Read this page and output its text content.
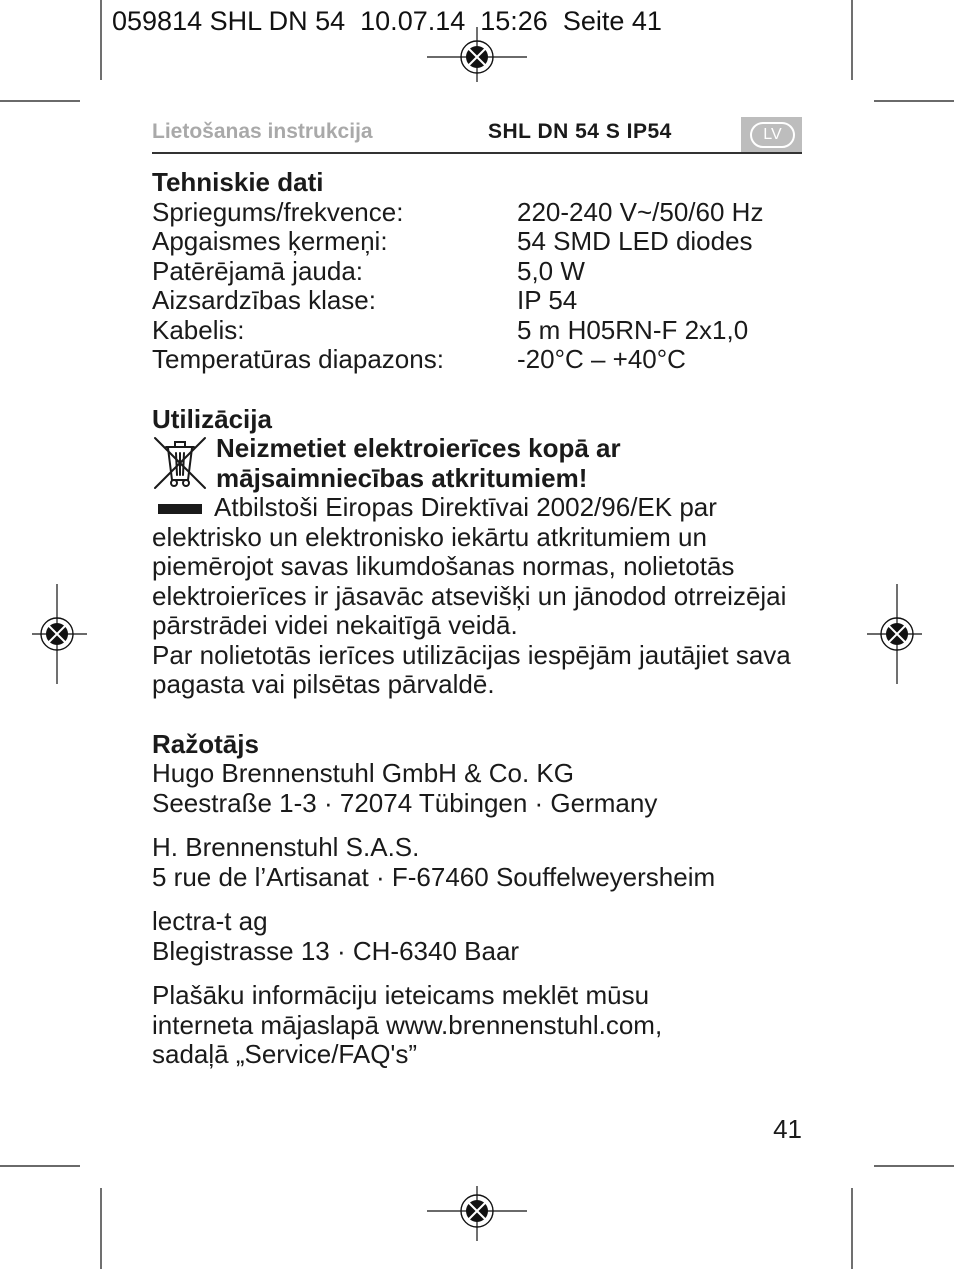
059814 SHL DN 54  10.07.14  15:26  Seite 41
Lietošanas instrukcija	SHL DN 54 S IP54	LV
Tehniskie dati
Spriegums/frekvence:	220-240 V~/50/60 Hz
Apgaismes ķermeņi:	54 SMD LED diodes
Patērējamā jauda:	5,0 W
Aizsardzības klase:	IP 54
Kabelis:	5 m H05RN-F 2x1,0
Temperatūras diapazons:	-20°C – +40°C
Utilizācija
Neizmetiet elektroierīces kopā ar mājsaimniecības atkritumiem!
Atbilstoši Eiropas Direktīvai 2002/96/EK par elektrisko un elektronisko iekārtu atkritumiem un piemērojot savas likumdošanas normas, nolietotās elektroierīces ir jāsavāc atsevišķi un jānodod otrreizējai pārstrādei videi nekaitīgā veidā.
Par nolietotās ierīces utilizācijas iespējām jautājiet sava pagasta vai pilsētas pārvaldē.
Ražotājs
Hugo Brennenstuhl GmbH & Co. KG
Seestraße 1-3 · 72074 Tübingen · Germany
H. Brennenstuhl S.A.S.
5 rue de l’Artisanat · F-67460 Souffelweyersheim
lectra-t ag
Blegistrasse 13 · CH-6340 Baar
Plašāku informāciju ieteicams meklēt mūsu
interneta mājaslapā www.brennenstuhl.com,
sadaļā „Service/FAQ's”
41
